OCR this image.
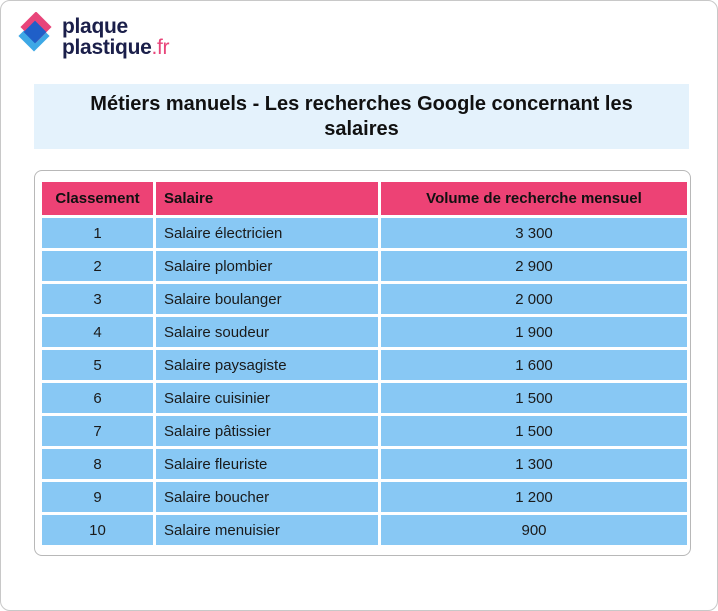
plaque
plastique.fr
Métiers manuels - Les recherches Google concernant les salaires
Classement	Salaire	Volume de recherche mensuel
1	Salaire électricien	3 300
2	Salaire plombier	2 900
3	Salaire boulanger	2 000
4	Salaire soudeur	1 900
5	Salaire paysagiste	1 600
6	Salaire cuisinier	1 500
7	Salaire pâtissier	1 500
8	Salaire fleuriste	1 300
9	Salaire boucher	1 200
10	Salaire menuisier	900
